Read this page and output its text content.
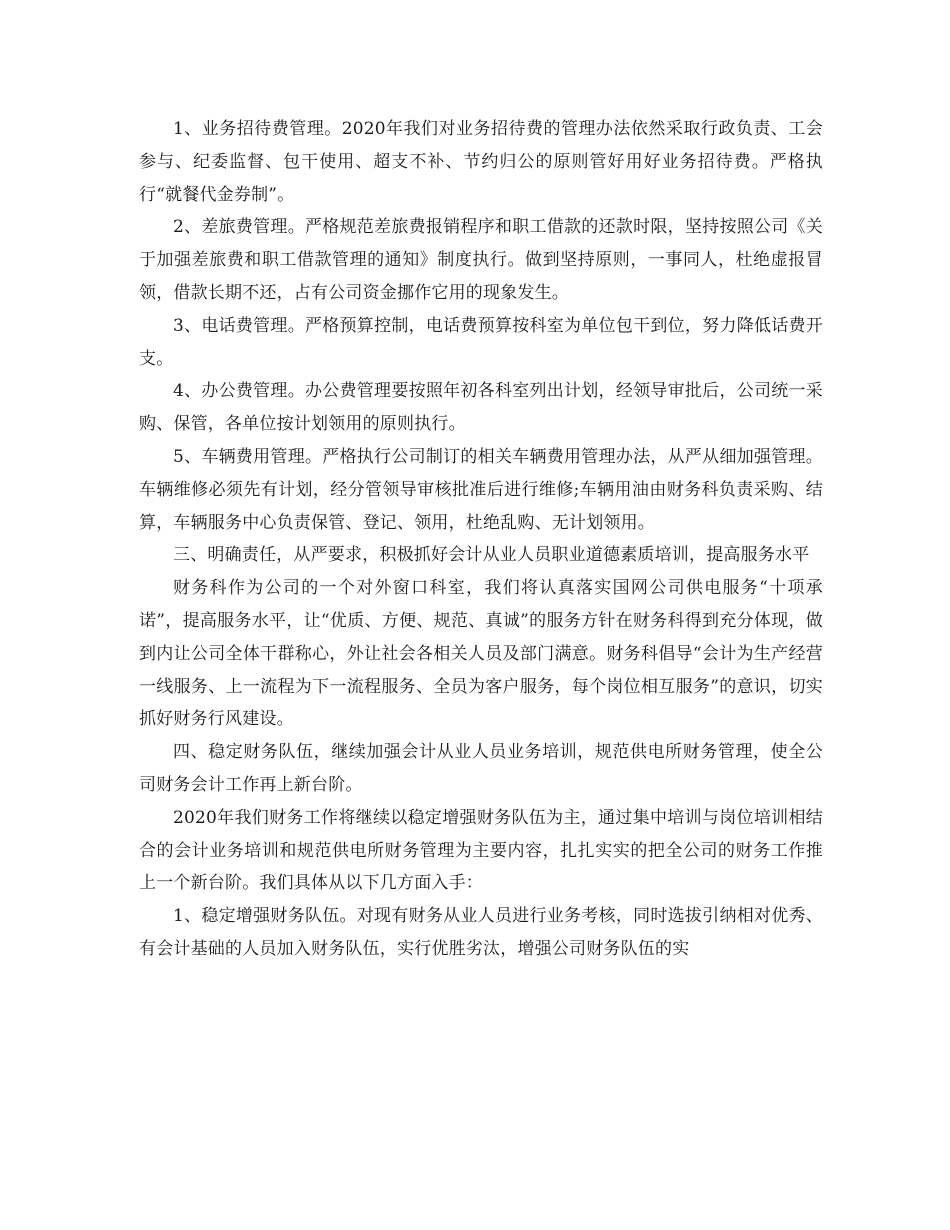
1、业务招待费管理。2020年我们对业务招待费的管理办法依然采取行政负责、工会参与、纪委监督、包干使用、超支不补、节约归公的原则管好用好业务招待费。严格执行“就餐代金券制”。

2、差旅费管理。严格规范差旅费报销程序和职工借款的还款时限，坚持按照公司《关于加强差旅费和职工借款管理的通知》制度执行。做到坚持原则，一事同人，杜绝虚报冒领，借款长期不还，占有公司资金挪作它用的现象发生。

3、电话费管理。严格预算控制，电话费预算按科室为单位包干到位，努力降低话费开支。

4、办公费管理。办公费管理要按照年初各科室列出计划，经领导审批后，公司统一采购、保管，各单位按计划领用的原则执行。

5、车辆费用管理。严格执行公司制订的相关车辆费用管理办法，从严从细加强管理。车辆维修必须先有计划，经分管领导审核批准后进行维修;车辆用油由财务科负责采购、结算，车辆服务中心负责保管、登记、领用，杜绝乱购、无计划领用。

三、明确责任，从严要求，积极抓好会计从业人员职业道德素质培训，提高服务水平

财务科作为公司的一个对外窗口科室，我们将认真落实国网公司供电服务“十项承诺”，提高服务水平，让“优质、方便、规范、真诚”的服务方针在财务科得到充分体现，做到内让公司全体干群称心，外让社会各相关人员及部门满意。财务科倡导“会计为生产经营一线服务、上一流程为下一流程服务、全员为客户服务，每个岗位相互服务”的意识，切实抓好财务行风建设。

四、稳定财务队伍，继续加强会计从业人员业务培训，规范供电所财务管理，使全公司财务会计工作再上新台阶。

2020年我们财务工作将继续以稳定增强财务队伍为主，通过集中培训与岗位培训相结合的会计业务培训和规范供电所财务管理为主要内容，扎扎实实的把全公司的财务工作推上一个新台阶。我们具体从以下几方面入手：

1、稳定增强财务队伍。对现有财务从业人员进行业务考核，同时选拔引纳相对优秀、有会计基础的人员加入财务队伍，实行优胜劣汰，增强公司财务队伍的实
